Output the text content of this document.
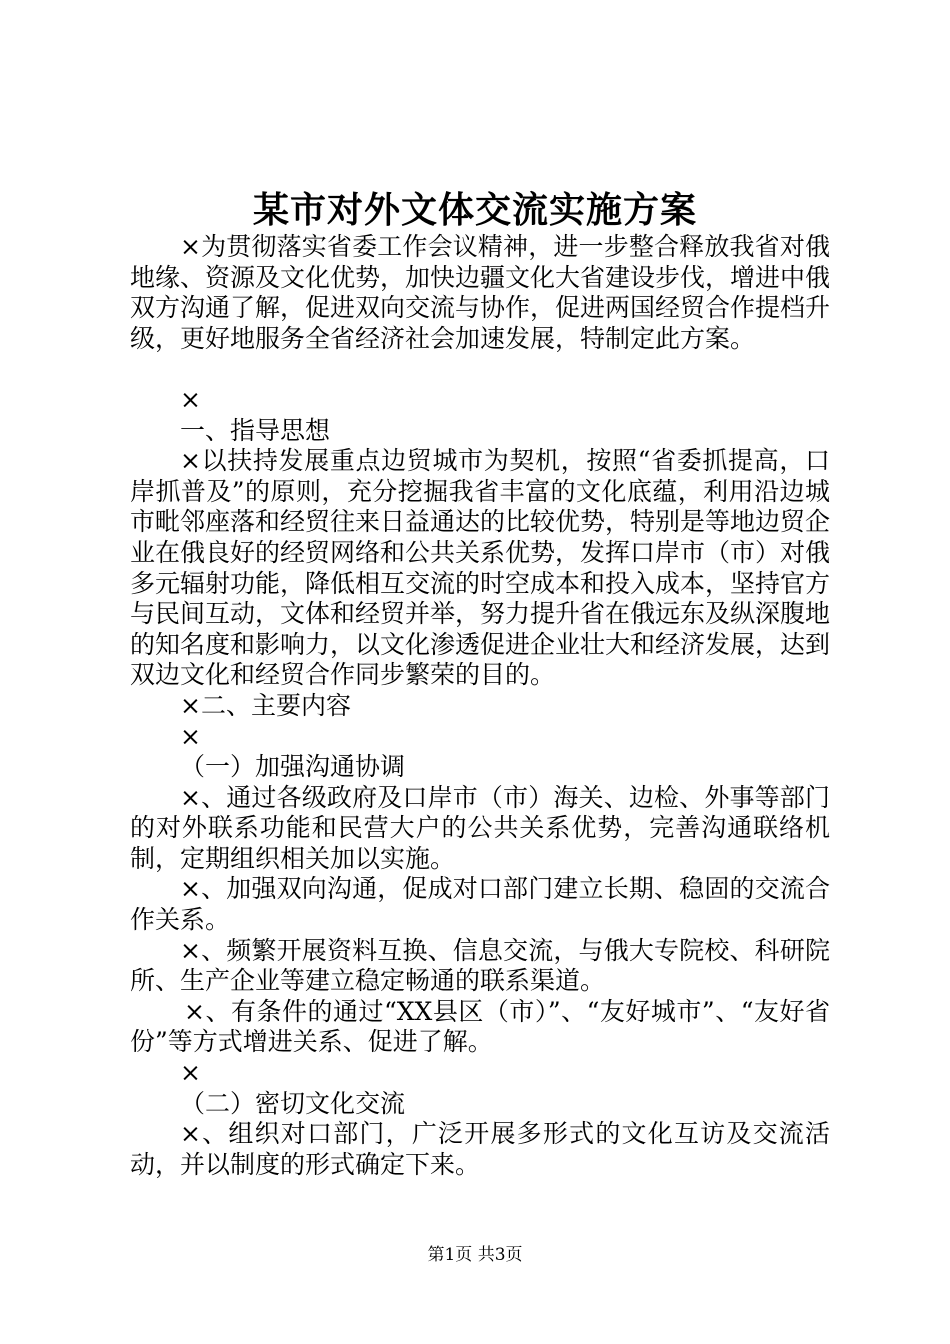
某市对外文体交流实施方案

×为贯彻落实省委工作会议精神，进一步整合释放我省对俄地缘、资源及文化优势，加快边疆文化大省建设步伐，增进中俄双方沟通了解，促进双向交流与协作，促进两国经贸合作提档升级，更好地服务全省经济社会加速发展，特制定此方案。

×

一、指导思想

×以扶持发展重点边贸城市为契机，按照“省委抓提高，口岸抓普及”的原则，充分挖掘我省丰富的文化底蕴，利用沿边城市毗邻座落和经贸往来日益通达的比较优势，特别是等地边贸企业在俄良好的经贸网络和公共关系优势，发挥口岸市（市）对俄多元辐射功能，降低相互交流的时空成本和投入成本，坚持官方与民间互动，文体和经贸并举，努力提升省在俄远东及纵深腹地的知名度和影响力，以文化渗透促进企业壮大和经济发展，达到双边文化和经贸合作同步繁荣的目的。

×二、主要内容

×

（一）加强沟通协调

×、通过各级政府及口岸市（市）海关、边检、外事等部门的对外联系功能和民营大户的公共关系优势，完善沟通联络机制，定期组织相关加以实施。

×、加强双向沟通，促成对口部门建立长期、稳固的交流合作关系。

×、频繁开展资料互换、信息交流，与俄大专院校、科研院所、生产企业等建立稳定畅通的联系渠道。

×、有条件的通过“XX县区（市）”、“友好城市”、“友好省份”等方式增进关系、促进了解。

×

（二）密切文化交流

×、组织对口部门，广泛开展多形式的文化互访及交流活动，并以制度的形式确定下来。

第1页 共3页
